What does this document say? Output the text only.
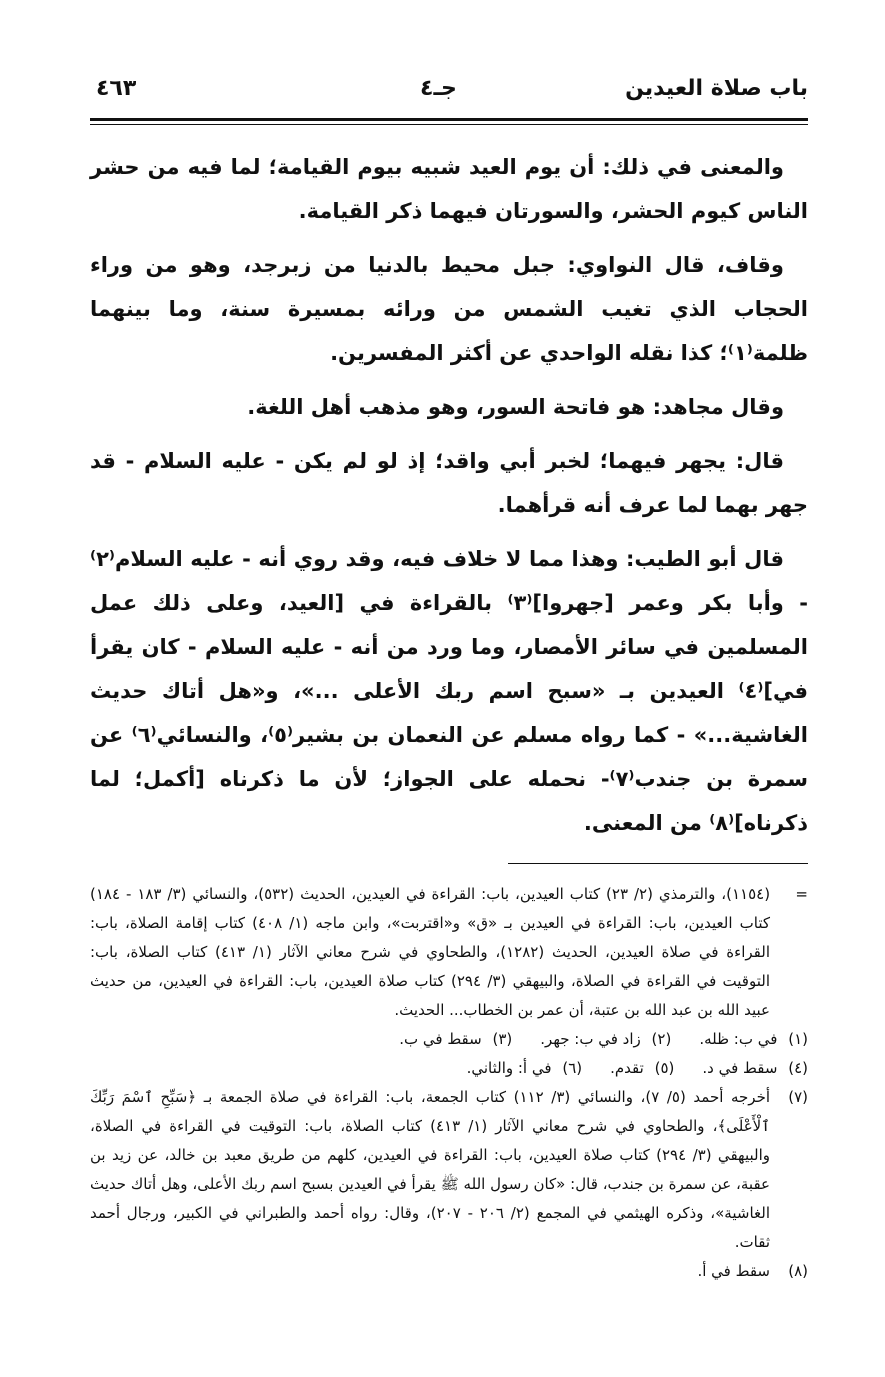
باب صلاة العيدين
جـ٤
٤٦٣

والمعنى في ذلك: أن يوم العيد شبيه بيوم القيامة؛ لما فيه من حشر الناس كيوم الحشر، والسورتان فيهما ذكر القيامة.

وقاف، قال النواوي: جبل محيط بالدنيا من زبرجد، وهو من وراء الحجاب الذي تغيب الشمس من ورائه بمسيرة سنة، وما بينهما ظلمة⁽١⁾؛ كذا نقله الواحدي عن أكثر المفسرين.

وقال مجاهد: هو فاتحة السور، وهو مذهب أهل اللغة.

قال: يجهر فيهما؛ لخبر أبي واقد؛ إذ لو لم يكن - عليه السلام - قد جهر بهما لما عرف أنه قرأهما.

قال أبو الطيب: وهذا مما لا خلاف فيه، وقد روي أنه - عليه السلام⁽٢⁾ - وأبا بكر وعمر [جهروا]⁽٣⁾ بالقراءة في [العيد، وعلى ذلك عمل المسلمين في سائر الأمصار، وما ورد من أنه - عليه السلام - كان يقرأ في]⁽٤⁾ العيدين بـ «سبح اسم ربك الأعلى ...»، و«هل أتاك حديث الغاشية...» - كما رواه مسلم عن النعمان بن بشير⁽٥⁾، والنسائي⁽٦⁾ عن سمرة بن جندب⁽٧⁾- نحمله على الجواز؛ لأن ما ذكرناه [أكمل؛ لما ذكرناه]⁽٨⁾ من المعنى.

=
(١١٥٤)، والترمذي (٢/ ٢٣) كتاب العيدين، باب: القراءة في العيدين، الحديث (٥٣٢)، والنسائي (٣/ ١٨٣ - ١٨٤) كتاب العيدين، باب: القراءة في العيدين بـ «ق» و«اقتربت»، وابن ماجه (١/ ٤٠٨) كتاب إقامة الصلاة، باب: القراءة في صلاة العيدين، الحديث (١٢٨٢)، والطحاوي في شرح معاني الآثار (١/ ٤١٣) كتاب الصلاة، باب: التوقيت في القراءة في الصلاة، والبيهقي (٣/ ٢٩٤) كتاب صلاة العيدين، باب: القراءة في العيدين، من حديث عبيد الله بن عبد الله بن عتبة، أن عمر بن الخطاب... الحديث.
(١) في ب: ظله.
(٢) زاد في ب: جهر.
(٣) سقط في ب.
(٤) سقط في د.
(٥) تقدم.
(٦) في أ: والثاني.
(٧)
أخرجه أحمد (٥/ ٧)، والنسائي (٣/ ١١٢) كتاب الجمعة، باب: القراءة في صلاة الجمعة بـ ﴿سَبِّحِ ٱسْمَ رَبِّكَ ٱلْأَعْلَى﴾، والطحاوي في شرح معاني الآثار (١/ ٤١٣) كتاب الصلاة، باب: التوقيت في القراءة في الصلاة، والبيهقي (٣/ ٢٩٤) كتاب صلاة العيدين، باب: القراءة في العيدين، كلهم من طريق معبد بن خالد، عن زيد بن عقبة، عن سمرة بن جندب، قال: «كان رسول الله ﷺ يقرأ في العيدين بسبح اسم ربك الأعلى، وهل أتاك حديث الغاشية»، وذكره الهيثمي في المجمع (٢/ ٢٠٦ - ٢٠٧)، وقال: رواه أحمد والطبراني في الكبير، ورجال أحمد ثقات.
(٨)
سقط في أ.
